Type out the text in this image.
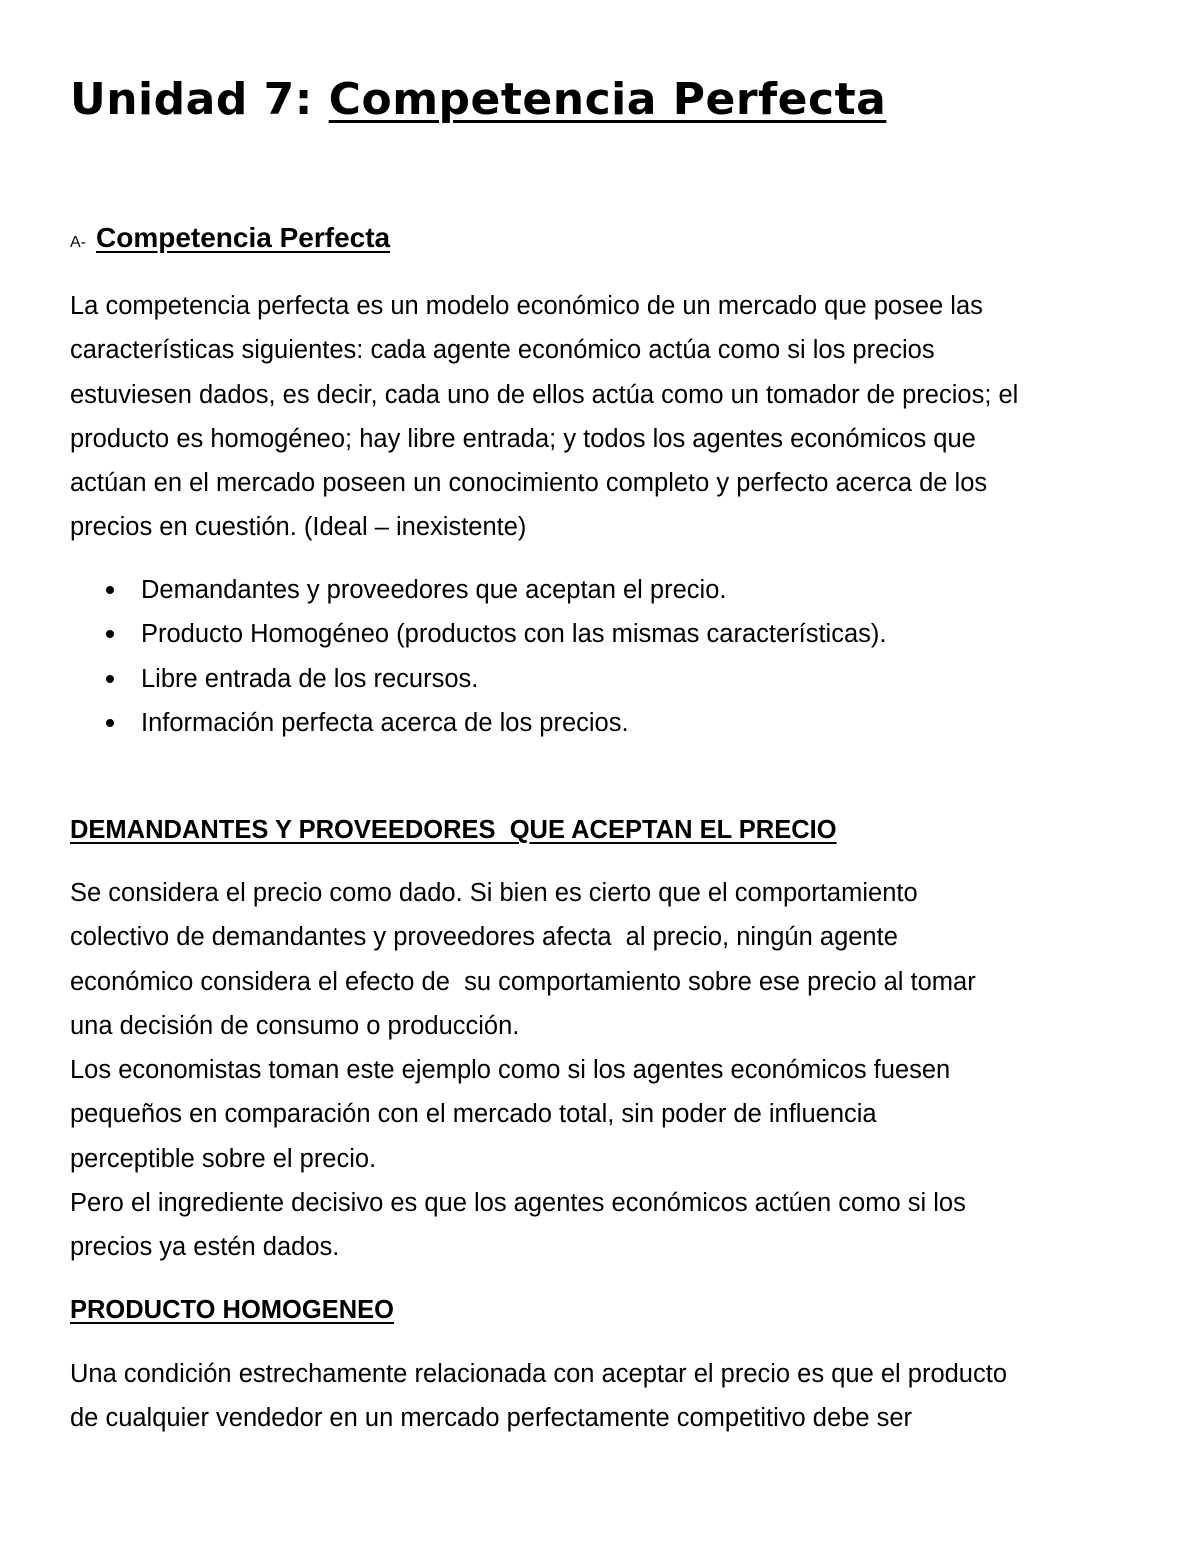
Unidad 7: Competencia Perfecta
A- Competencia Perfecta

La competencia perfecta es un modelo económico de un mercado que posee las
características siguientes: cada agente económico actúa como si los precios
estuviesen dados, es decir, cada uno de ellos actúa como un tomador de precios; el
producto es homogéneo; hay libre entrada; y todos los agentes económicos que
actúan en el mercado poseen un conocimiento completo y perfecto acerca de los
precios en cuestión. (Ideal – inexistente)

Demandantes y proveedores que aceptan el precio.
Producto Homogéneo (productos con las mismas características).
Libre entrada de los recursos.
Información perfecta acerca de los precios.
DEMANDANTES Y PROVEEDORES  QUE ACEPTAN EL PRECIO

Se considera el precio como dado. Si bien es cierto que el comportamiento
colectivo de demandantes y proveedores afecta  al precio, ningún agente
económico considera el efecto de  su comportamiento sobre ese precio al tomar
una decisión de consumo o producción.
Los economistas toman este ejemplo como si los agentes económicos fuesen
pequeños en comparación con el mercado total, sin poder de influencia
perceptible sobre el precio.
Pero el ingrediente decisivo es que los agentes económicos actúen como si los
precios ya estén dados.

PRODUCTO HOMOGENEO

Una condición estrechamente relacionada con aceptar el precio es que el producto
de cualquier vendedor en un mercado perfectamente competitivo debe ser
